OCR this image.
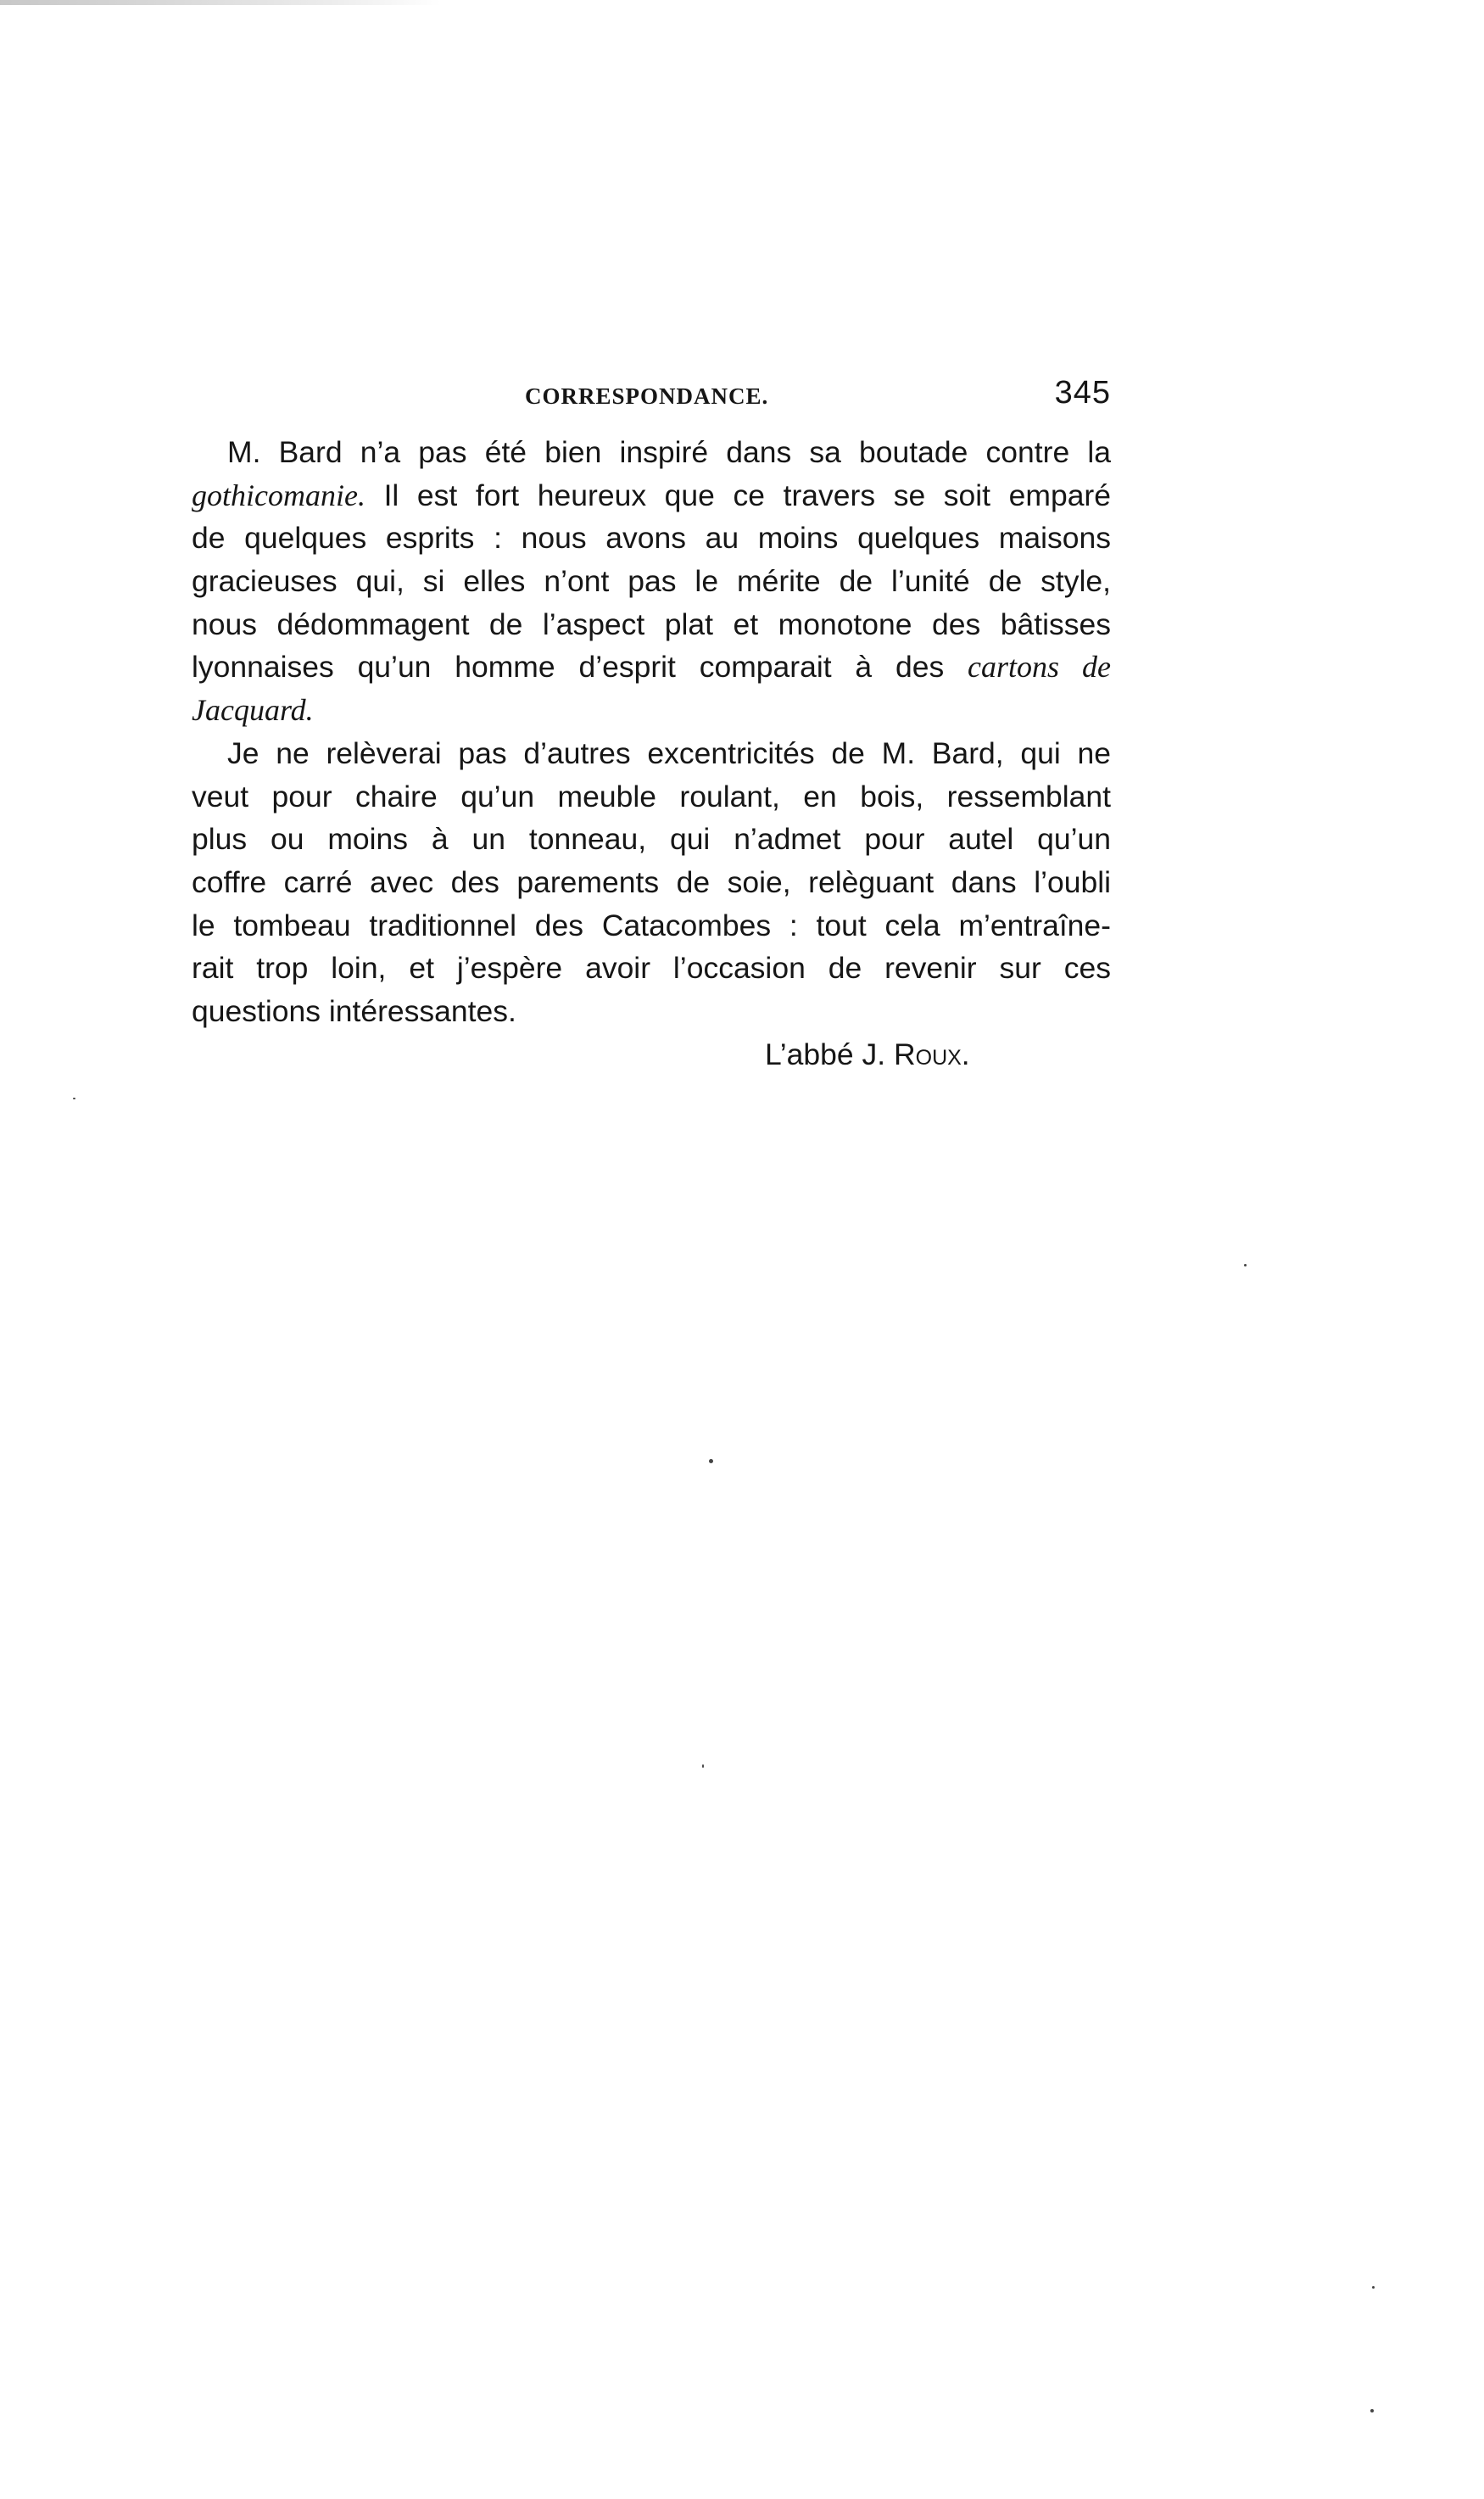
CORRESPONDANCE.	345
M. Bard n’a pas été bien inspiré dans sa boutade contre la
gothicomanie. Il est fort heureux que ce travers se soit emparé
de quelques esprits : nous avons au moins quelques maisons
gracieuses qui, si elles n’ont pas le mérite de l’unité de style,
nous dédommagent de l’aspect plat et monotone des bâtisses
lyonnaises qu’un homme d’esprit comparait à des cartons de
Jacquard.
Je ne relèverai pas d’autres excentricités de M. Bard, qui ne
veut pour chaire qu’un meuble roulant, en bois, ressemblant
plus ou moins à un tonneau, qui n’admet pour autel qu’un
coffre carré avec des parements de soie, relèguant dans l’oubli
le tombeau traditionnel des Catacombes : tout cela m’entraîne-
rait trop loin, et j’espère avoir l’occasion de revenir sur ces
questions intéressantes.
L’abbé J. Roux.
